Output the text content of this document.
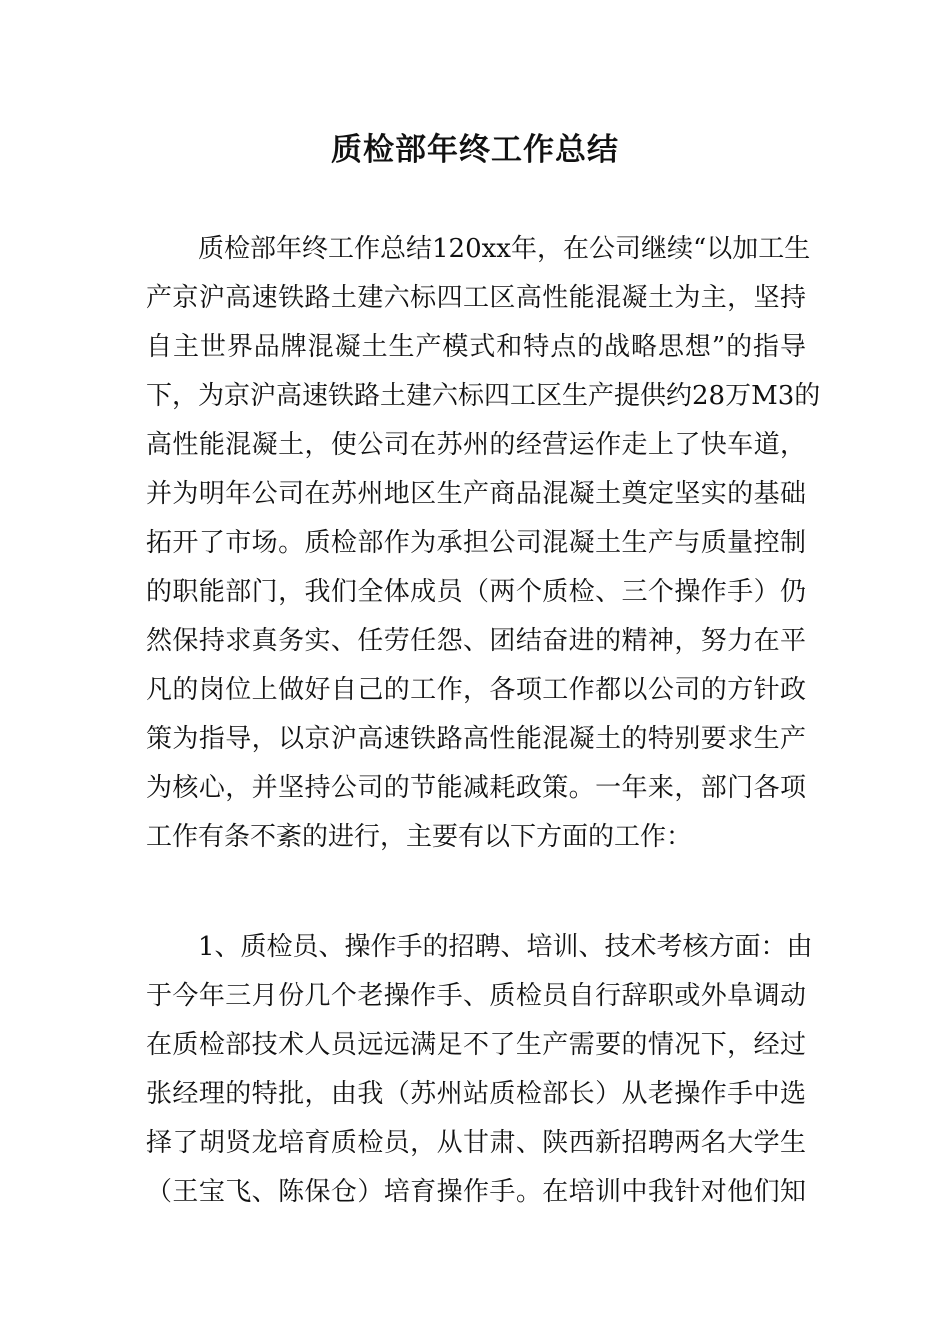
质检部年终工作总结
质检部年终工作总结120xx年，在公司继续“以加工生
产京沪高速铁路土建六标四工区高性能混凝土为主，坚持
自主世界品牌混凝土生产模式和特点的战略思想”的指导
下，为京沪高速铁路土建六标四工区生产提供约28万M3的
高性能混凝土，使公司在苏州的经营运作走上了快车道，
并为明年公司在苏州地区生产商品混凝土奠定坚实的基础
拓开了市场。质检部作为承担公司混凝土生产与质量控制
的职能部门，我们全体成员（两个质检、三个操作手）仍
然保持求真务实、任劳任怨、团结奋进的精神，努力在平
凡的岗位上做好自己的工作，各项工作都以公司的方针政
策为指导，以京沪高速铁路高性能混凝土的特别要求生产
为核心，并坚持公司的节能减耗政策。一年来，部门各项
工作有条不紊的进行，主要有以下方面的工作：
1、质检员、操作手的招聘、培训、技术考核方面：由
于今年三月份几个老操作手、质检员自行辞职或外阜调动
在质检部技术人员远远满足不了生产需要的情况下，经过
张经理的特批，由我（苏州站质检部长）从老操作手中选
择了胡贤龙培育质检员，从甘肃、陕西新招聘两名大学生
（王宝飞、陈保仓）培育操作手。在培训中我针对他们知
